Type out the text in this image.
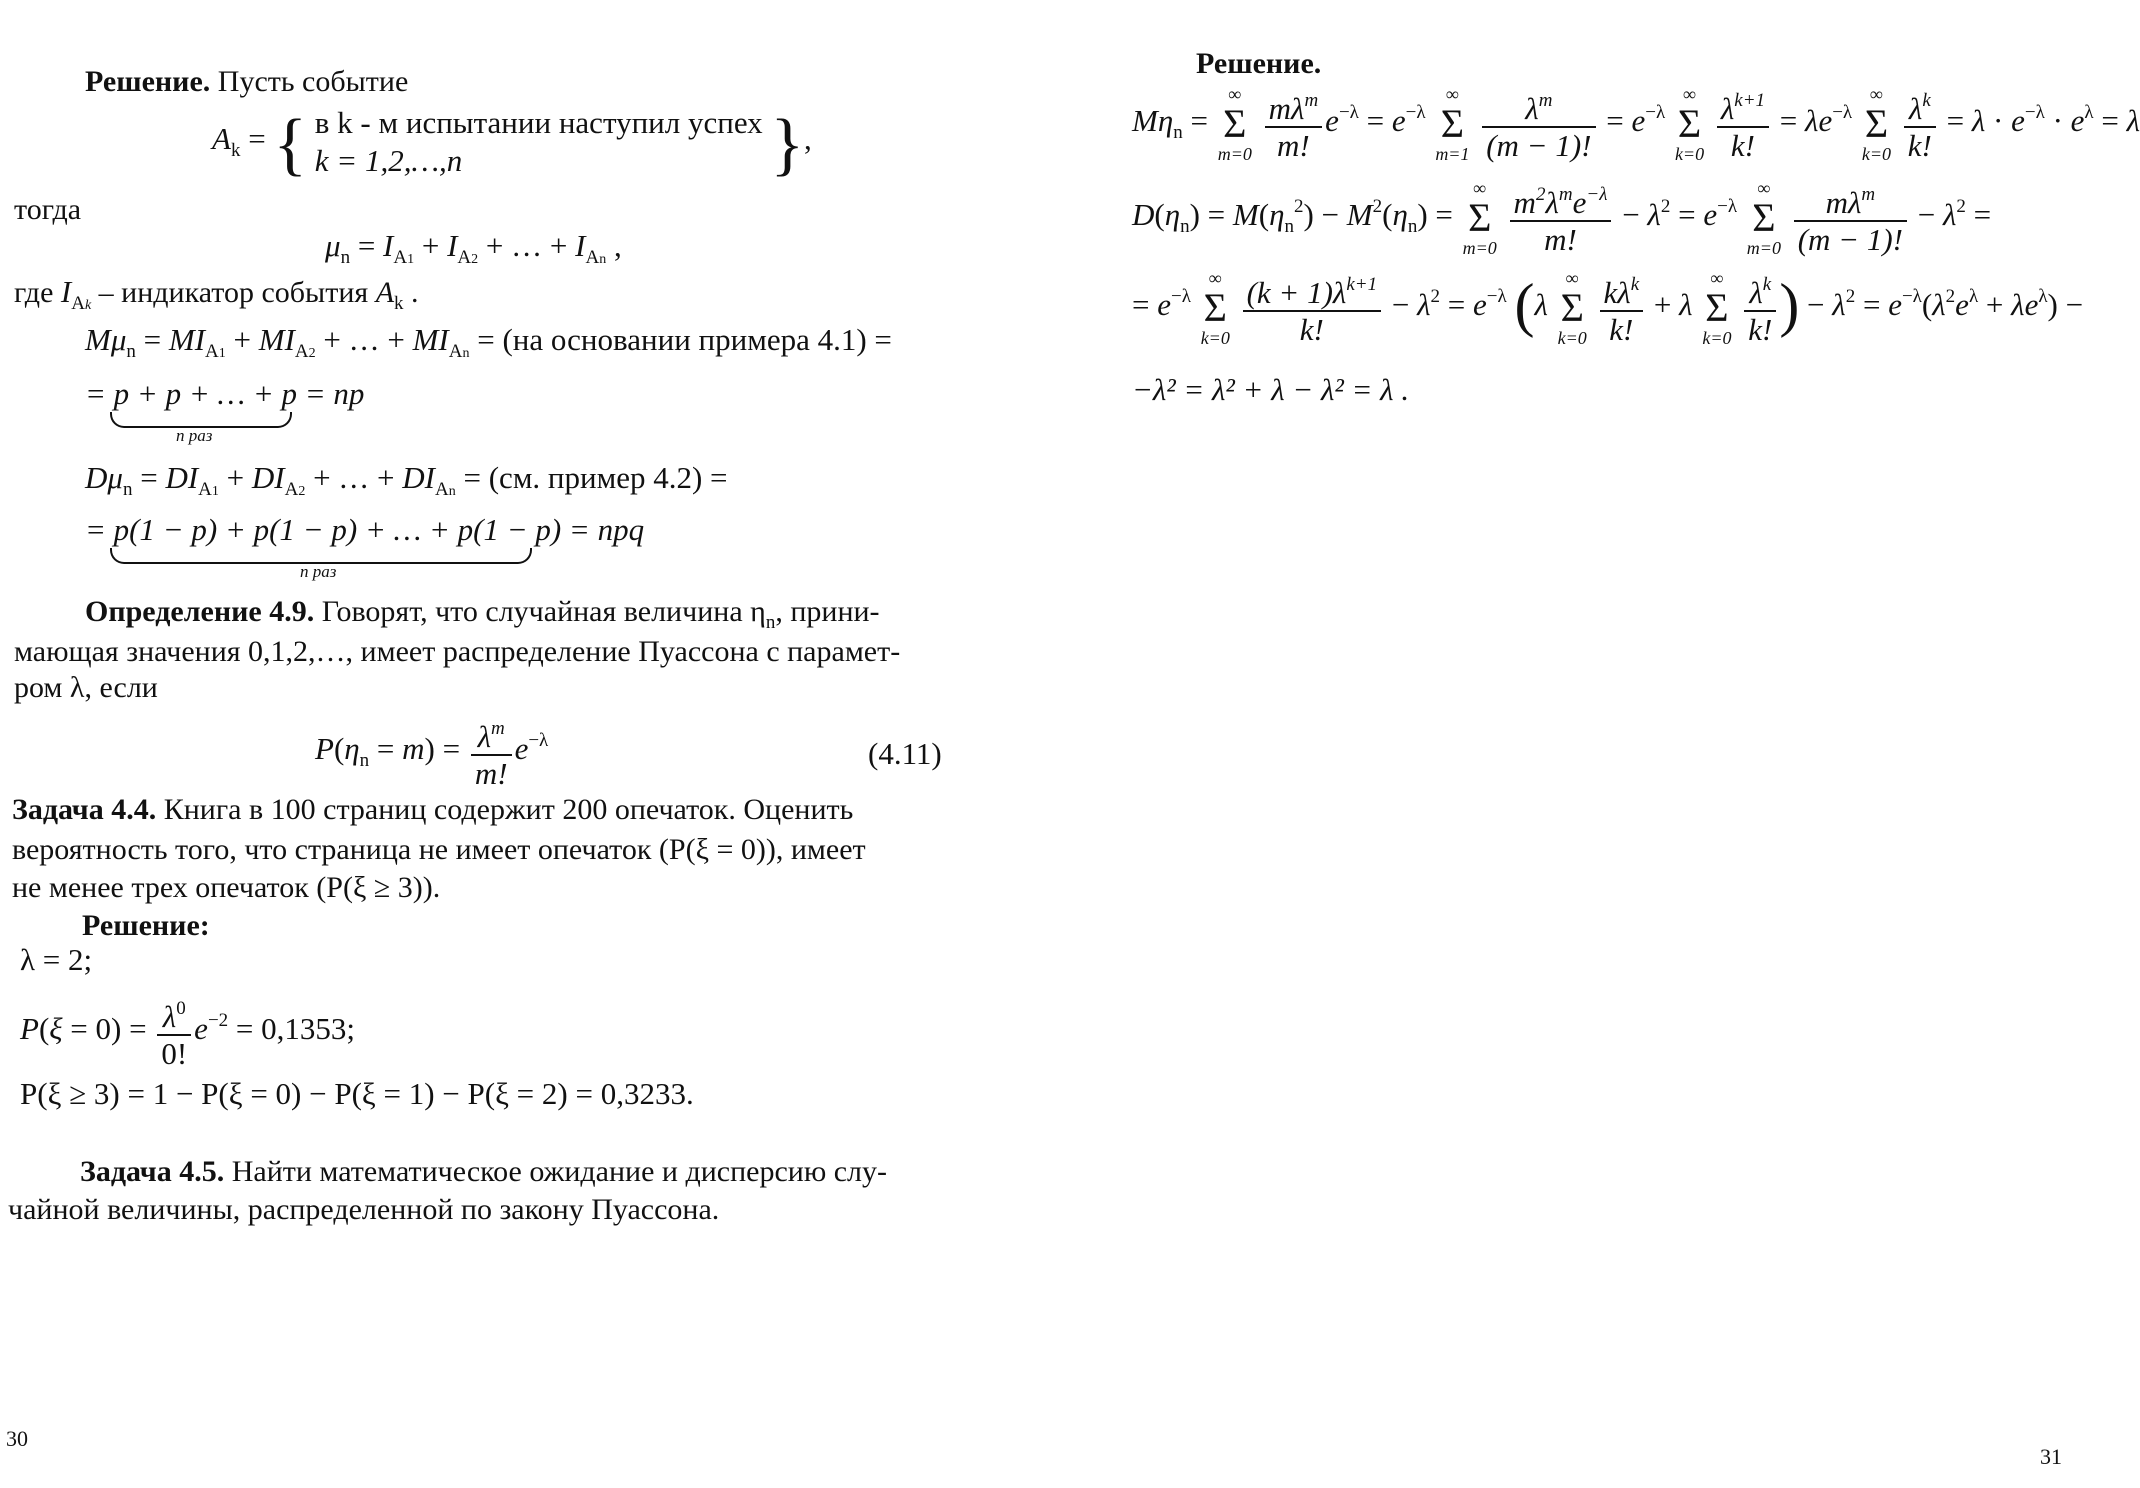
Решение. Пусть событие
$A_k$ = { в k - м испытании наступил успех
k = 1,2,…,n	},
тогда
$\mu_n = I_{A1} + I_{A2}$ + … + $I_{An}$ ,
где $I_{Ak}$ – индикатор события $A_k$ .
$M\mu_n = MI_{A1} + MI_{A2}$ + … + $MI_{An} = (на$ основании примера 4.1) =
= p + p + … + p = np
n раз
$D\mu_n = DI_{A1} + DI_{A2}$ + … + $DI_{An} = (см$. пример 4.2) =
= p(1 − p) + p(1 − p) + … + p(1 − p) = npq
n раз
Определение 4.9. Говорят, что случайная величина $\eta_n$, прини-
мающая значения 0,1,2,…, имеет распределение Пуассона с парамет-
ром λ, если
$P(\eta_n = m) = \frac{\lambda^m}{m!} e^{-\lambda}$	(4.11)
Задача 4.4. Книга в 100 страниц содержит 200 опечаток. Оценить
вероятность того, что страница не имеет опечаток (P(ξ = 0)), имеет
не менее трех опечаток (P(ξ ≥ 3)).
Решение:
λ = 2;
$P(\xi = 0) = \frac{\lambda^0}{0!} e^{-2} = 0,1353$;
P(ξ ≥ 3) = 1 − P(ξ = 0) − P(ξ = 1) − P(ξ = 2) = 0,3233.
Задача 4.5. Найти математическое ожидание и дисперсию слу-
чайной величины, распределенной по закону Пуассона.
30
Решение.
$M\eta_n$ =
∞
Σ
m=0
$\frac{m\lambda^m}{m!} e^{-\lambda} = e^{-\lambda}$
∞
Σ
m=1
$\frac{\lambda^m}{(m - 1)!} = e^{-\lambda}$
∞
Σ
k=0
$\frac{\lambda^{k+1}}{k!} = \lambda e^{-\lambda}$
∞
Σ
k=0
$\frac{\lambda^k}{k!} = \lambda \cdot e^{-\lambda} \cdot e^\lambda = \lambda$
$D(\eta_n) = M(\eta_n^2) - M^2(\eta_n)$ =
∞
Σ
m=0
$\frac{m^2\lambda^me^{-\lambda}}{m!} - \lambda^2 = e^{-\lambda}$
∞
Σ
m=0
$\frac{m\lambda^m}{(m - 1)!} - \lambda^2$ =
= $e^{-\lambda}$
∞
Σ
k=0
$\frac{(k + 1)\lambda^{k+1}}{k!} - \lambda^2 = e^{-\lambda}$ (λ
∞
Σ
k=0
$\frac{k\lambda^k}{k!} + \lambda$
∞
Σ
k=0
$\frac{\lambda^k}{k!}$ ) − $\lambda^2 = e^{-\lambda}(\lambda^2e^\lambda + \lambda e^\lambda)$ −
−λ² = λ² + λ − λ² = λ .
31
